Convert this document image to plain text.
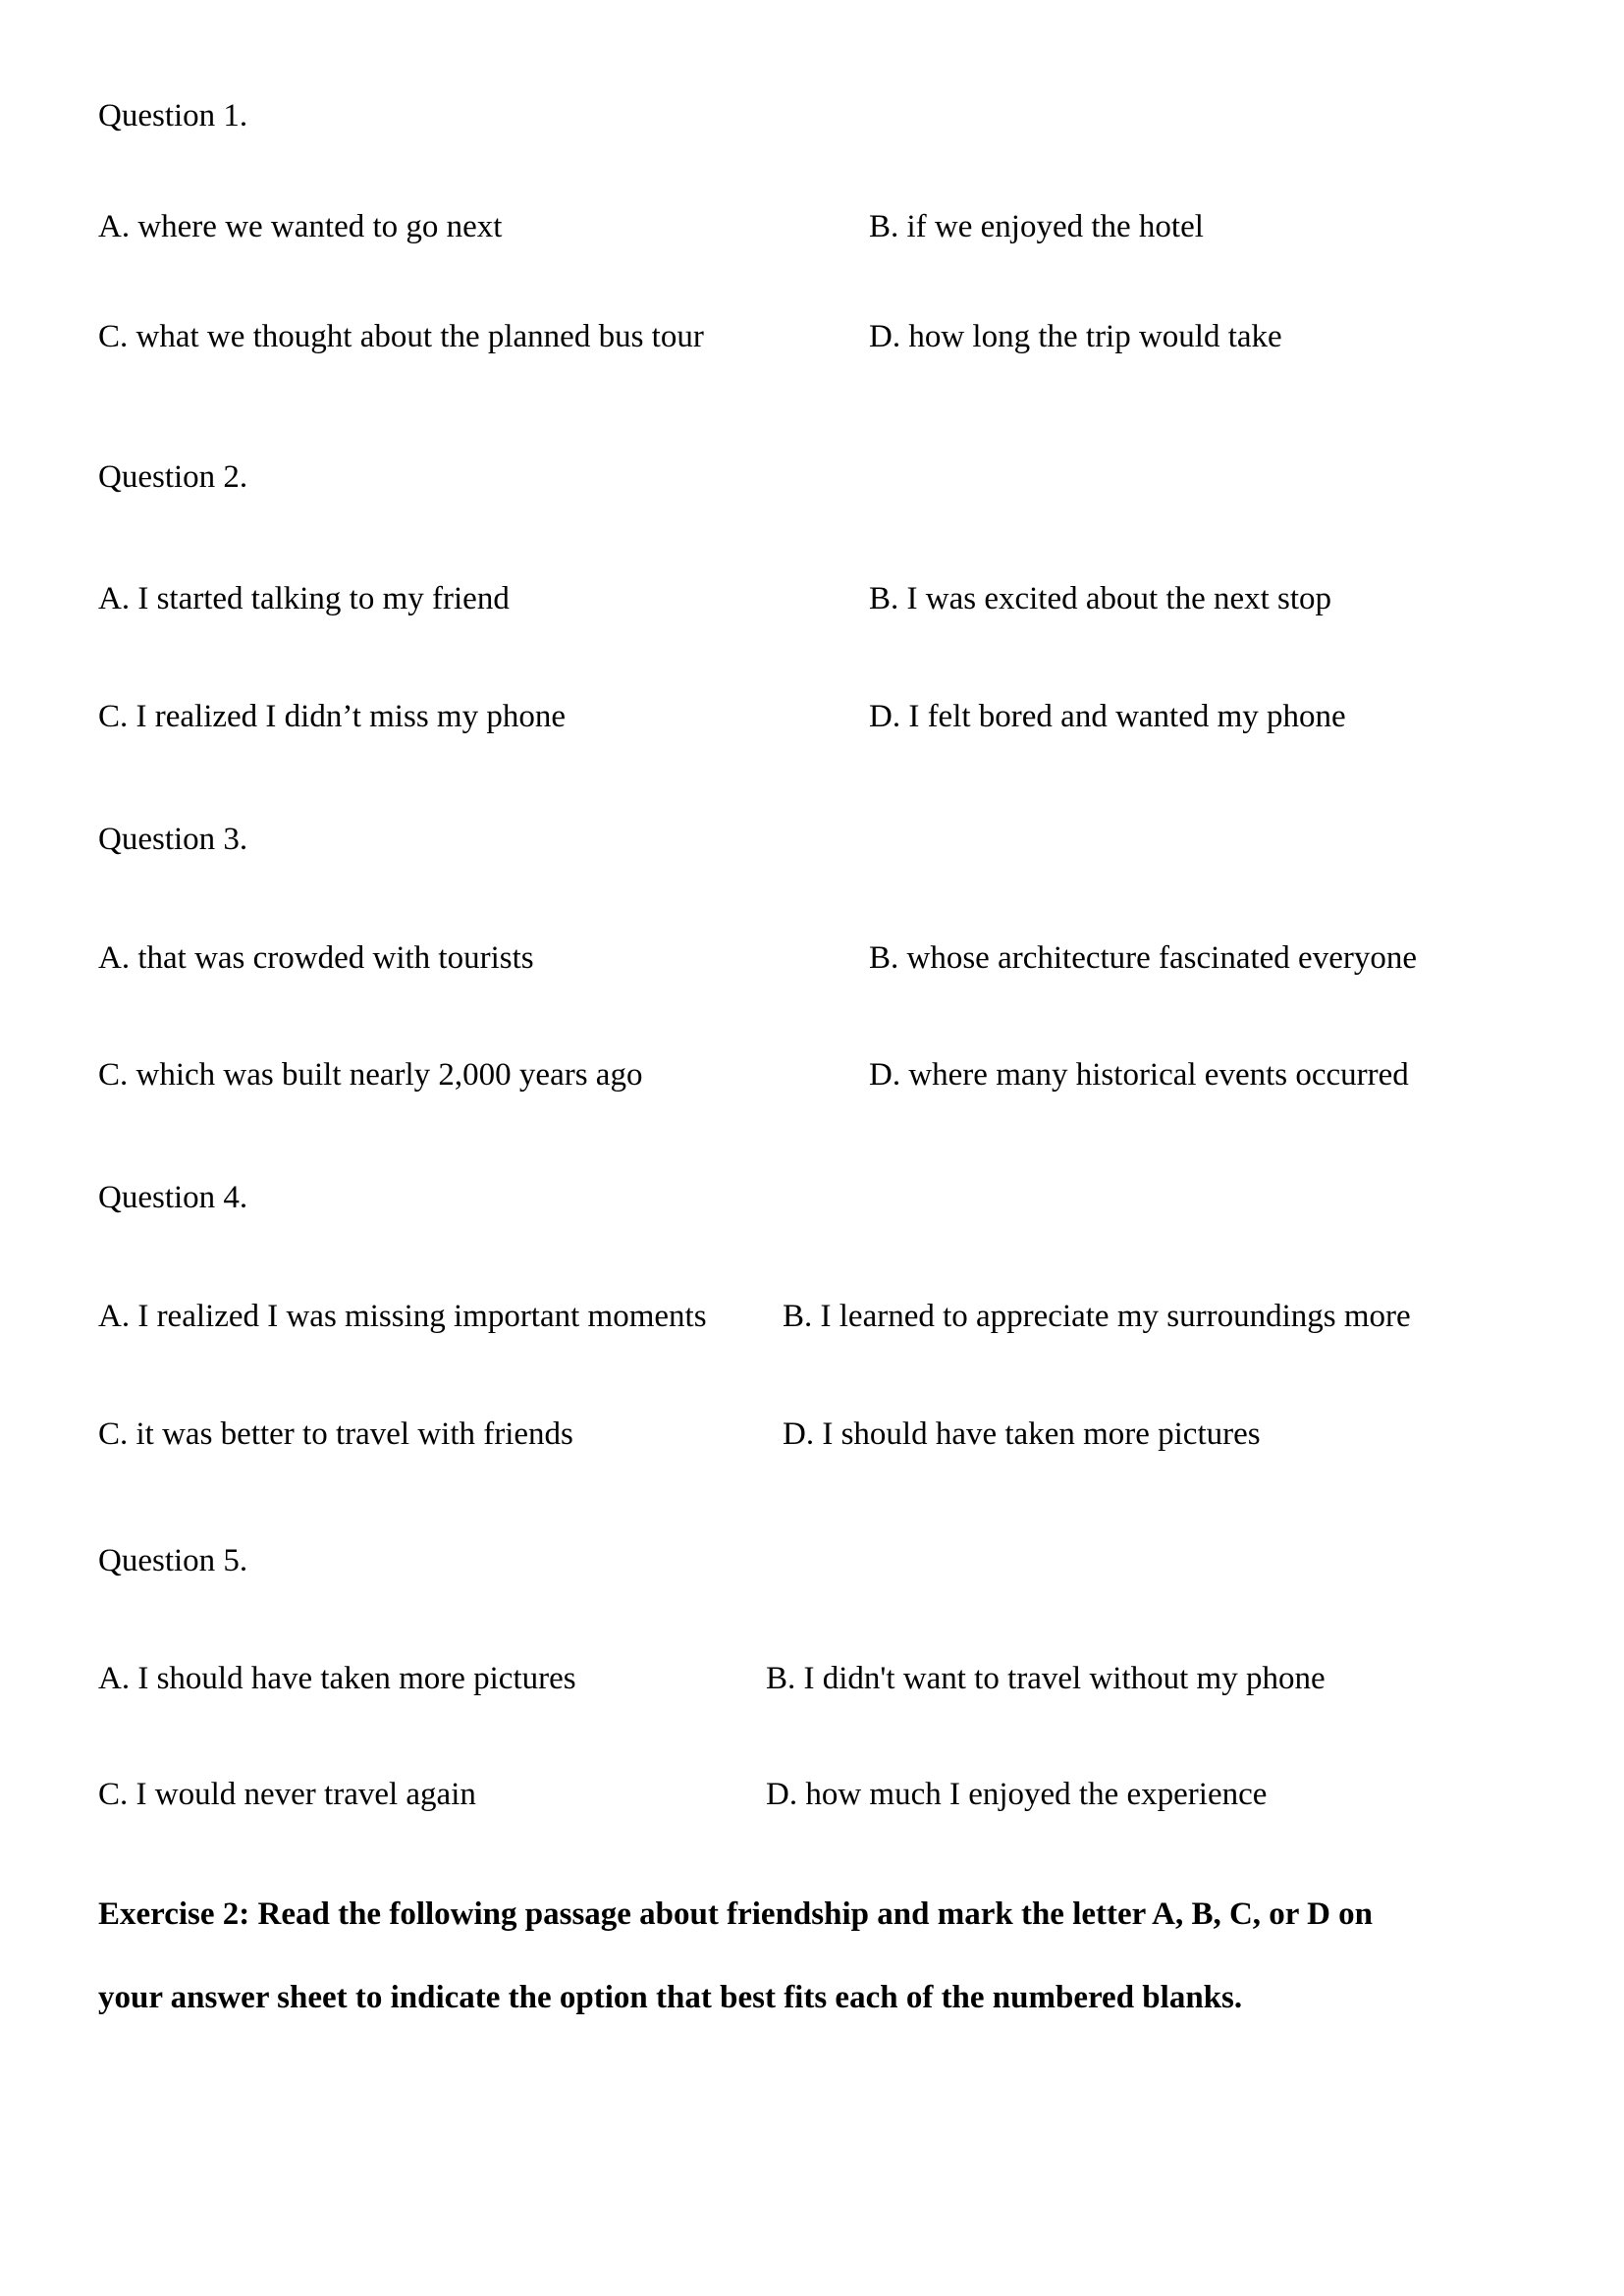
Question 1.
A. where we wanted to go next	B. if we enjoyed the hotel
C. what we thought about the planned bus tour	D. how long the trip would take
Question 2.
A. I started talking to my friend	B. I was excited about the next stop
C. I realized I didn’t miss my phone	D. I felt bored and wanted my phone
Question 3.
A. that was crowded with tourists	B. whose architecture fascinated everyone
C. which was built nearly 2,000 years ago	D. where many historical events occurred
Question 4.
A. I realized I was missing important moments	B. I learned to appreciate my surroundings more
C. it was better to travel with friends	D. I should have taken more pictures
Question 5.
A. I should have taken more pictures	B. I didn't want to travel without my phone
C. I would never travel again	D. how much I enjoyed the experience
Exercise 2: Read the following passage about friendship and mark the letter A, B, C, or D on
your answer sheet to indicate the option that best fits each of the numbered blanks.
